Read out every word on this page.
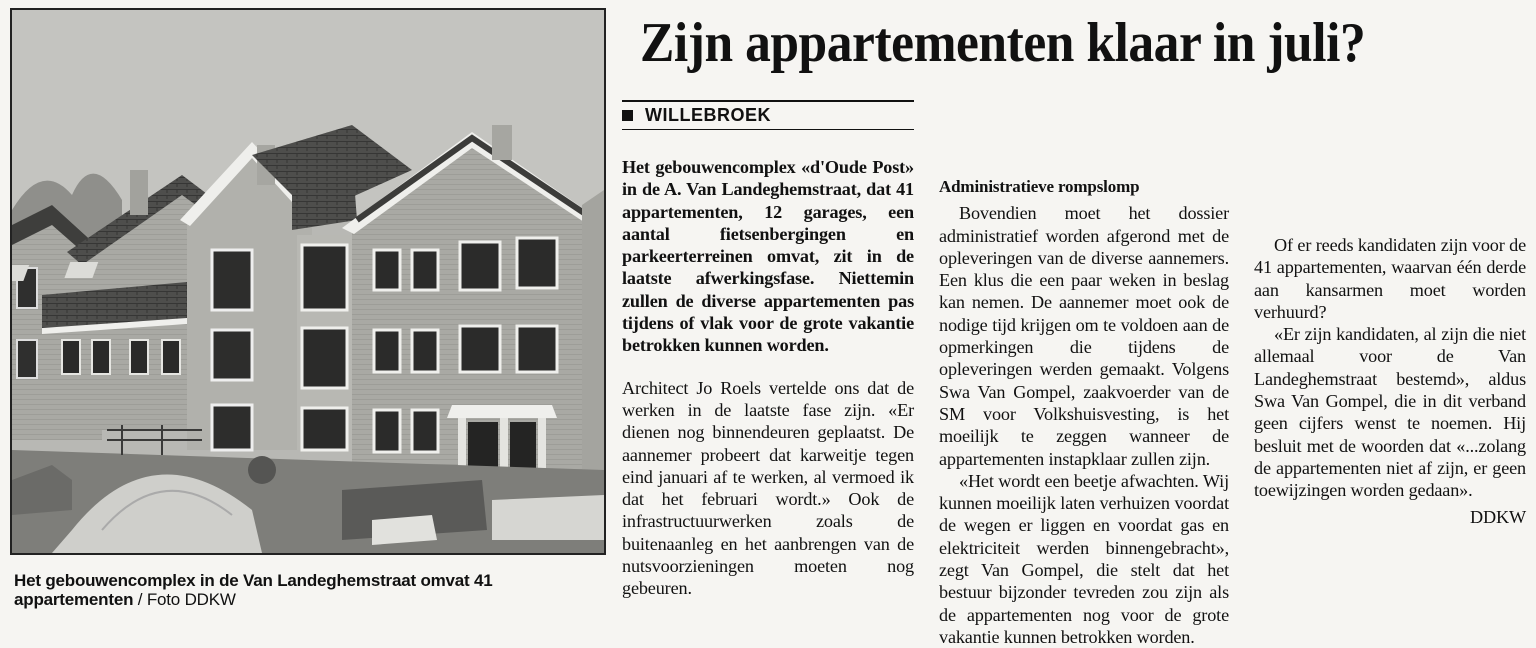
Het gebouwencomplex in de Van Landeghemstraat omvat 41 appartementen / Foto DDKW
Zijn appartementen klaar in juli?
WILLEBROEK

Het gebouwencomplex «d'Oude Post» in de A. Van Landeghemstraat, dat 41 appartementen, 12 garages, een aantal fietsenbergingen en parkeerterreinen omvat, zit in de laatste afwerkingsfase. Niettemin zullen de diverse appartementen pas tijdens of vlak voor de grote vakantie betrokken kunnen worden.

Architect Jo Roels vertelde ons dat de werken in de laatste fase zijn. «Er dienen nog binnendeuren geplaatst. De aannemer probeert dat karweitje tegen eind januari af te werken, al vermoed ik dat het februari wordt.» Ook de infrastructuurwerken zoals de buitenaanleg en het aanbrengen van de nutsvoorzieningen moeten nog gebeuren.

Administratieve rompslomp

Bovendien moet het dossier administratief worden afgerond met de opleveringen van de diverse aannemers. Een klus die een paar weken in beslag kan nemen. De aannemer moet ook de nodige tijd krijgen om te voldoen aan de opmerkingen die tijdens de opleveringen werden gemaakt. Volgens Swa Van Gompel, zaakvoerder van de SM voor Volkshuisvesting, is het moeilijk te zeggen wanneer de appartementen instapklaar zullen zijn.

«Het wordt een beetje afwachten. Wij kunnen moeilijk laten verhuizen voordat de wegen er liggen en voordat gas en elektriciteit werden binnengebracht», zegt Van Gompel, die stelt dat het bestuur bijzonder tevreden zou zijn als de appartementen nog voor de grote vakantie kunnen betrokken worden.

Of er reeds kandidaten zijn voor de 41 appartementen, waarvan één derde aan kansarmen moet worden verhuurd?

«Er zijn kandidaten, al zijn die niet allemaal voor de Van Landeghemstraat bestemd», aldus Swa Van Gompel, die in dit verband geen cijfers wenst te noemen. Hij besluit met de woorden dat «...zolang de appartementen niet af zijn, er geen toewijzingen worden gedaan».

DDKW
